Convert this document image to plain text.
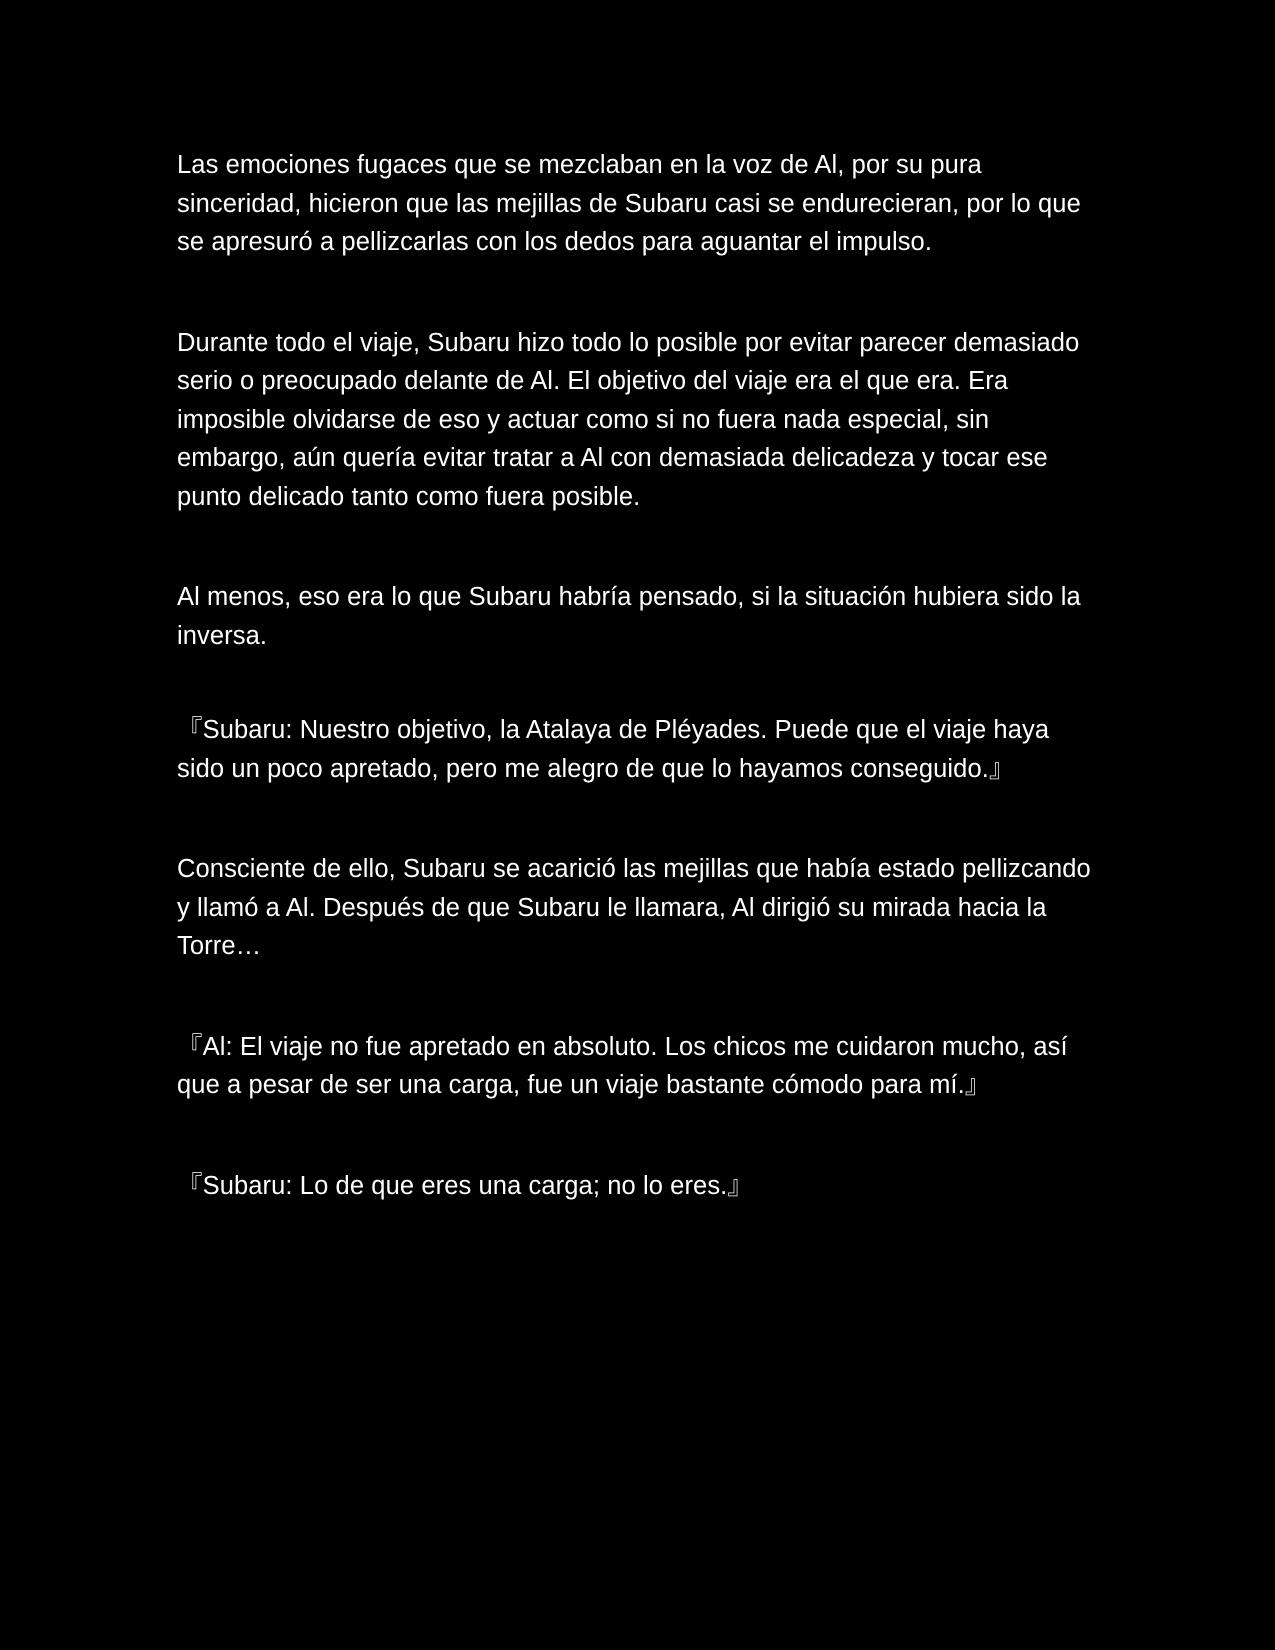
Las emociones fugaces que se mezclaban en la voz de Al, por su pura sinceridad, hicieron que las mejillas de Subaru casi se endurecieran, por lo que se apresuró a pellizcarlas con los dedos para aguantar el impulso.

Durante todo el viaje, Subaru hizo todo lo posible por evitar parecer demasiado serio o preocupado delante de Al. El objetivo del viaje era el que era. Era imposible olvidarse de eso y actuar como si no fuera nada especial, sin embargo, aún quería evitar tratar a Al con demasiada delicadeza y tocar ese punto delicado tanto como fuera posible.

Al menos, eso era lo que Subaru habría pensado, si la situación hubiera sido la inversa.

『Subaru: Nuestro objetivo, la Atalaya de Pléyades. Puede que el viaje haya sido un poco apretado, pero me alegro de que lo hayamos conseguido.』

Consciente de ello, Subaru se acarició las mejillas que había estado pellizcando y llamó a Al. Después de que Subaru le llamara, Al dirigió su mirada hacia la Torre…

『Al: El viaje no fue apretado en absoluto. Los chicos me cuidaron mucho, así que a pesar de ser una carga, fue un viaje bastante cómodo para mí.』

『Subaru: Lo de que eres una carga; no lo eres.』
